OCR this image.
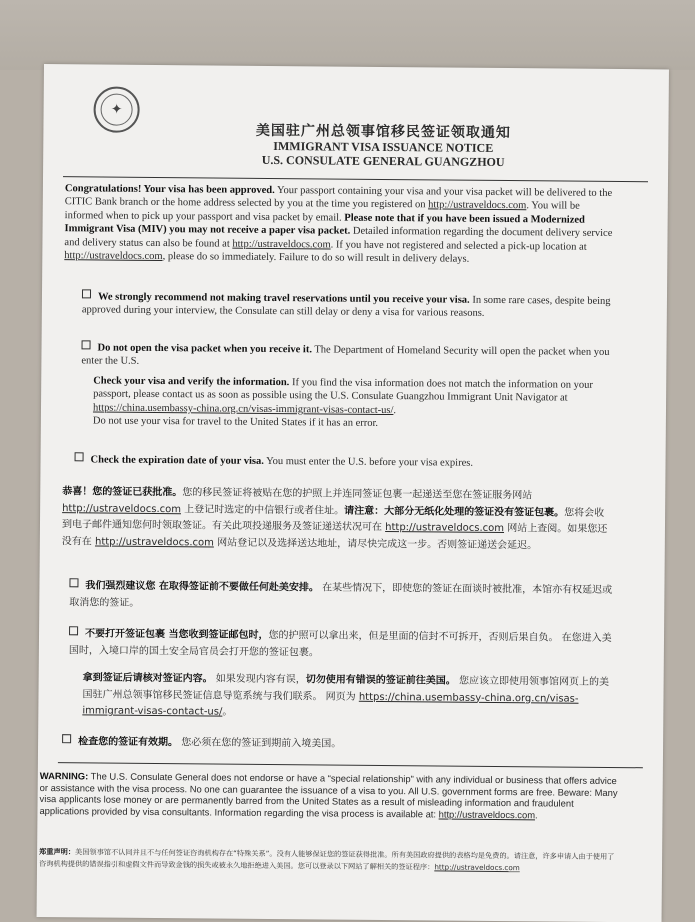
✦
美国驻广州总领事馆移民签证领取通知
IMMIGRANT VISA ISSUANCE NOTICE
U.S. CONSULATE GENERAL GUANGZHOU
Congratulations! Your visa has been approved. Your passport containing your visa and your visa packet will be delivered to the CITIC Bank branch or the home address selected by you at the time you registered on http://ustraveldocs.com. You will be informed when to pick up your passport and visa packet by email. Please note that if you have been issued a Modernized Immigrant Visa (MIV) you may not receive a paper visa packet. Detailed information regarding the document delivery service and delivery status can also be found at http://ustraveldocs.com. If you have not registered and selected a pick-up location at http://ustraveldocs.com, please do so immediately. Failure to do so will result in delivery delays.
We strongly recommend not making travel reservations until you receive your visa. In some rare cases, despite being approved during your interview, the Consulate can still delay or deny a visa for various reasons.
Do not open the visa packet when you receive it. The Department of Homeland Security will open the packet when you enter the U.S.
Check your visa and verify the information. If you find the visa information does not match the information on your passport, please contact us as soon as possible using the U.S. Consulate Guangzhou Immigrant Unit Navigator at https://china.usembassy-china.org.cn/visas-immigrant-visas-contact-us/.
Do not use your visa for travel to the United States if it has an error.
Check the expiration date of your visa. You must enter the U.S. before your visa expires.
恭喜！您的签证已获批准。您的移民签证将被贴在您的护照上并连同签证包裹一起递送至您在签证服务网站 http://ustraveldocs.com 上登记时选定的中信银行或者住址。请注意：大部分无纸化处理的签证没有签证包裹。您将会收到电子邮件通知您何时领取签证。有关此项投递服务及签证递送状况可在 http://ustraveldocs.com 网站上查阅。如果您还没有在 http://ustraveldocs.com 网站登记以及选择送达地址，请尽快完成这一步。否则签证递送会延迟。
我们强烈建议您 在取得签证前不要做任何赴美安排。 在某些情况下，即使您的签证在面谈时被批准，本馆亦有权延迟或取消您的签证。
不要打开签证包裹 当您收到签证邮包时，您的护照可以拿出来，但是里面的信封不可拆开，否则后果自负。 在您进入美国时，入境口岸的国土安全局官员会打开您的签证包裹。
拿到签证后请核对签证内容。 如果发现内容有误，切勿使用有错误的签证前往美国。 您应该立即使用领事馆网页上的美国驻广州总领事馆移民签证信息导览系统与我们联系。 网页为 https://china.usembassy-china.org.cn/visas-immigrant-visas-contact-us/。
检查您的签证有效期。 您必须在您的签证到期前入境美国。
WARNING: The U.S. Consulate General does not endorse or have a “special relationship” with any individual or business that offers advice or assistance with the visa process. No one can guarantee the issuance of a visa to you. All U.S. government forms are free. Beware: Many visa applicants lose money or are permanently barred from the United States as a result of misleading information and fraudulent applications provided by visa consultants. Information regarding the visa process is available at: http://ustraveldocs.com.
郑重声明：美国领事馆不认同并且不与任何签证咨询机构存在“特殊关系”。没有人能够保证您的签证获得批准。所有美国政府提供的表格均是免费的。请注意，许多申请人由于使用了咨询机构提供的错误指引和虚假文件而导致金钱的损失或被永久地拒绝进入美国。您可以登录以下网站了解相关的签证程序：http://ustraveldocs.com
